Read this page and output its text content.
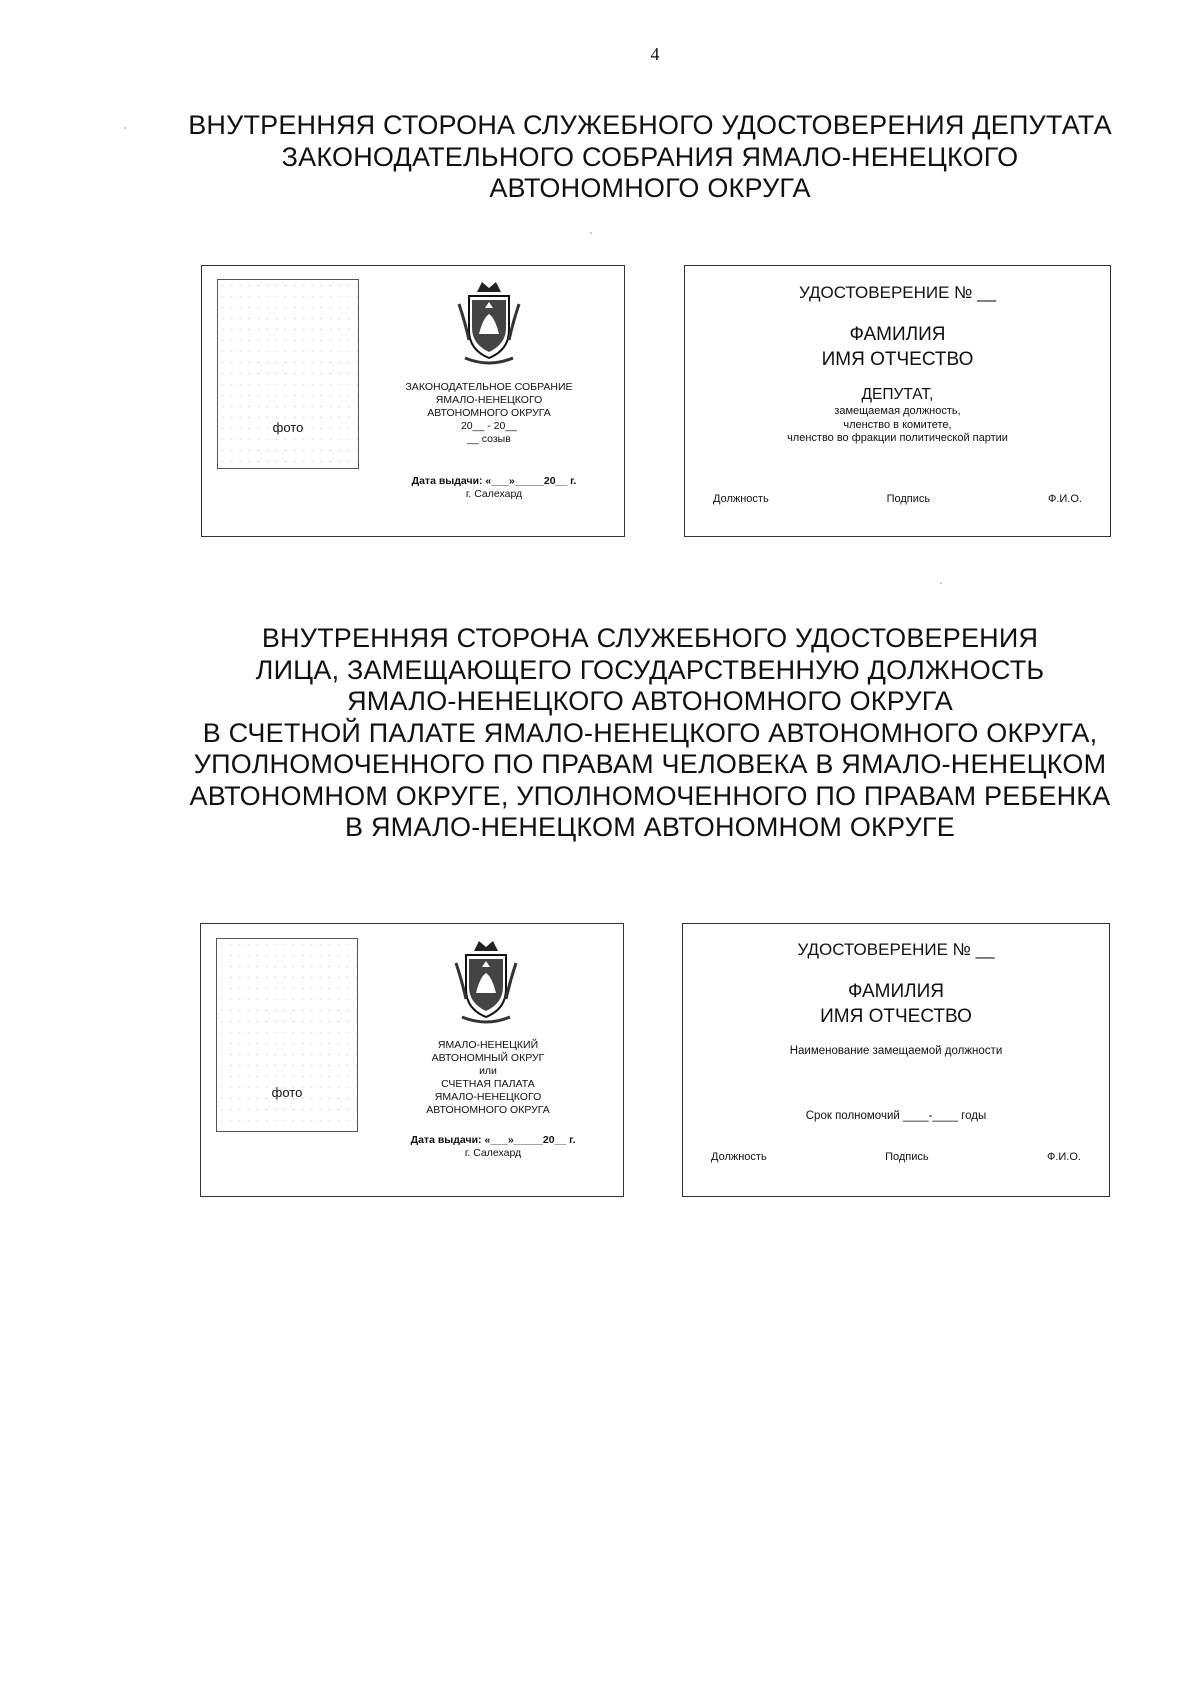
4
ВНУТРЕННЯЯ СТОРОНА СЛУЖЕБНОГО УДОСТОВЕРЕНИЯ ДЕПУТАТА
ЗАКОНОДАТЕЛЬНОГО СОБРАНИЯ ЯМАЛО-НЕНЕЦКОГО
АВТОНОМНОГО ОКРУГА
фото
ЗАКОНОДАТЕЛЬНОЕ СОБРАНИЕ
ЯМАЛО-НЕНЕЦКОГО
АВТОНОМНОГО ОКРУГА
20__ - 20__
__ созыв
Дата выдачи: «___»_____20__ г.
г. Салехард
УДОСТОВЕРЕНИЕ № __
ФАМИЛИЯ
ИМЯ ОТЧЕСТВО
ДЕПУТАТ,
замещаемая должность,
членство в комитете,
членство во фракции политической партии
Должность	Подпись	Ф.И.О.
ВНУТРЕННЯЯ СТОРОНА СЛУЖЕБНОГО УДОСТОВЕРЕНИЯ
ЛИЦА, ЗАМЕЩАЮЩЕГО ГОСУДАРСТВЕННУЮ ДОЛЖНОСТЬ
ЯМАЛО-НЕНЕЦКОГО АВТОНОМНОГО ОКРУГА
В СЧЕТНОЙ ПАЛАТЕ ЯМАЛО-НЕНЕЦКОГО АВТОНОМНОГО ОКРУГА,
УПОЛНОМОЧЕННОГО ПО ПРАВАМ ЧЕЛОВЕКА В ЯМАЛО-НЕНЕЦКОМ
АВТОНОМНОМ ОКРУГЕ, УПОЛНОМОЧЕННОГО ПО ПРАВАМ РЕБЕНКА
В ЯМАЛО-НЕНЕЦКОМ АВТОНОМНОМ ОКРУГЕ
фото
ЯМАЛО-НЕНЕЦКИЙ
АВТОНОМНЫЙ ОКРУГ
или
СЧЕТНАЯ ПАЛАТА
ЯМАЛО-НЕНЕЦКОГО
АВТОНОМНОГО ОКРУГА
Дата выдачи: «___»_____20__ г.
г. Салехард
УДОСТОВЕРЕНИЕ № __
ФАМИЛИЯ
ИМЯ ОТЧЕСТВО
Наименование замещаемой должности
Срок полномочий ____-____ годы
Должность	Подпись	Ф.И.О.
